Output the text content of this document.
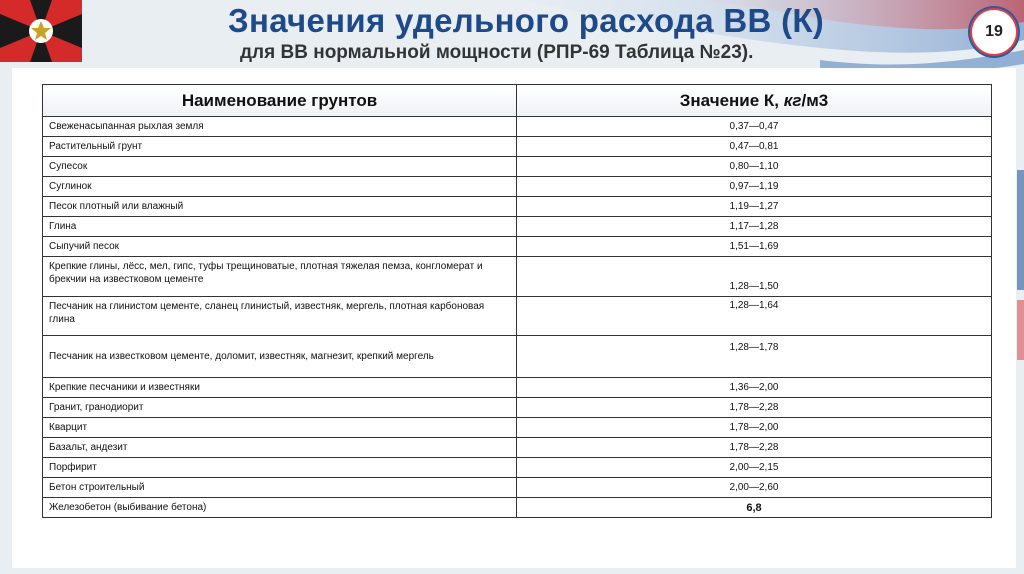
Значения удельного расхода ВВ (К)
для ВВ нормальной мощности (РПР-69 Таблица №23).
19
Наименование грунтов	Значение К, кг/м3
Свеженасыпанная рыхлая земля	0,37—0,47
Растительный грунт	0,47—0,81
Супесок	0,80—1,10
Суглинок	0,97—1,19
Песок плотный или влажный	1,19—1,27
Глина	1,17—1,28
Сыпучий песок	1,51—1,69
Крепкие глины, лёсс, мел, гипс, туфы трещиноватые, плотная тяжелая пемза, конгломерат и брекчии на известковом цементе	1,28—1,50
Песчаник на глинистом цементе, сланец глинистый, известняк, мергель, плотная карбоновая глина	1,28—1,64
Песчаник на известковом цементе, доломит, известняк, магнезит, крепкий мергель	1,28—1,78
Крепкие песчаники и известняки	1,36—2,00
Гранит, гранодиорит	1,78—2,28
Кварцит	1,78—2,00
Базальт, андезит	1,78—2,28
Порфирит	2,00—2,15
Бетон строительный	2,00—2,60
Железобетон (выбивание бетона)	6,8
